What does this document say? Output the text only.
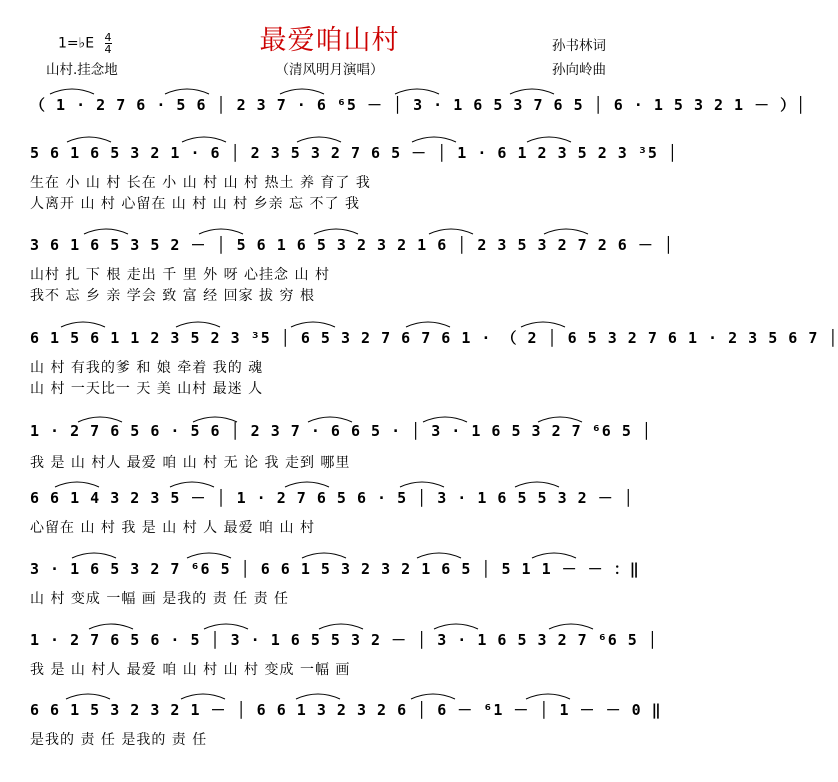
最爱咱山村
1=♭E $\frac{4}{4}$
山村.挂念地	（清风明月演唱）
孙书林词
孙向岭曲
（ 1 · 2 7 6 · 5 6 │ 2 3 7 · 6 ⁶5 － │ 3 · 1 6 5 3 7 6 5 │ 6 · 1 5 3 2 1 － ）│
5 6 1 6 5 3 2 1 · 6 │ 2 3 5 3 2 7 6 5 － │ 1 · 6 1 2 3 5 2 3 ³5 │
生在 小 山 村 长在 小 山 村 山 村 热土 养 育了 我
人离开 山 村 心留在 山 村 山 村 乡亲 忘 不了 我
3 6 1 6 5 3 5 2 － │ 5 6 1 6 5 3 2 3 2 1 6 │ 2 3 5 3 2 7 2 6 － │
山村 扎 下 根 走出 千 里 外 呀 心挂念 山 村
我不 忘 乡 亲 学会 致 富 经 回家 拔 穷 根
6 1 5 6 1 1 2 3 5 2 3 ³5 │ 6 5 3 2 7 6 7 6 1 · （ 2 │ 6 5 3 2 7 6 1 · 2 3 5 6 7 │
山 村 有我的爹 和 娘 牵着 我的 魂
山 村 一天比一 天 美 山村 最迷 人
1 · 2 7 6 5 6 · 5 6 │ 2 3 7 · 6 6 5 · │ 3 · 1 6 5 3 2 7 ⁶6 5 │
我 是 山 村人 最爱 咱 山 村 无 论 我 走到 哪里
6 6 1 4 3 2 3 5 － │ 1 · 2 7 6 5 6 · 5 │ 3 · 1 6 5 5 3 2 － │
心留在 山 村 我 是 山 村 人 最爱 咱 山 村
3 · 1 6 5 3 2 7 ⁶6 5 │ 6 6 1 5 3 2 3 2 1 6 5 │ 5 1 1 － － ：‖
山 村 变成 一幅 画 是我的 责 任 责 任
1 · 2 7 6 5 6 · 5 │ 3 · 1 6 5 5 3 2 － │ 3 · 1 6 5 3 2 7 ⁶6 5 │
我 是 山 村人 最爱 咱 山 村 山 村 变成 一幅 画
6 6 1 5 3 2 3 2 1 － │ 6 6 1 3 2 3 2 6 │ 6 － ⁶1 － │ 1 － － 0 ‖
是我的 责 任 是我的 责 任
